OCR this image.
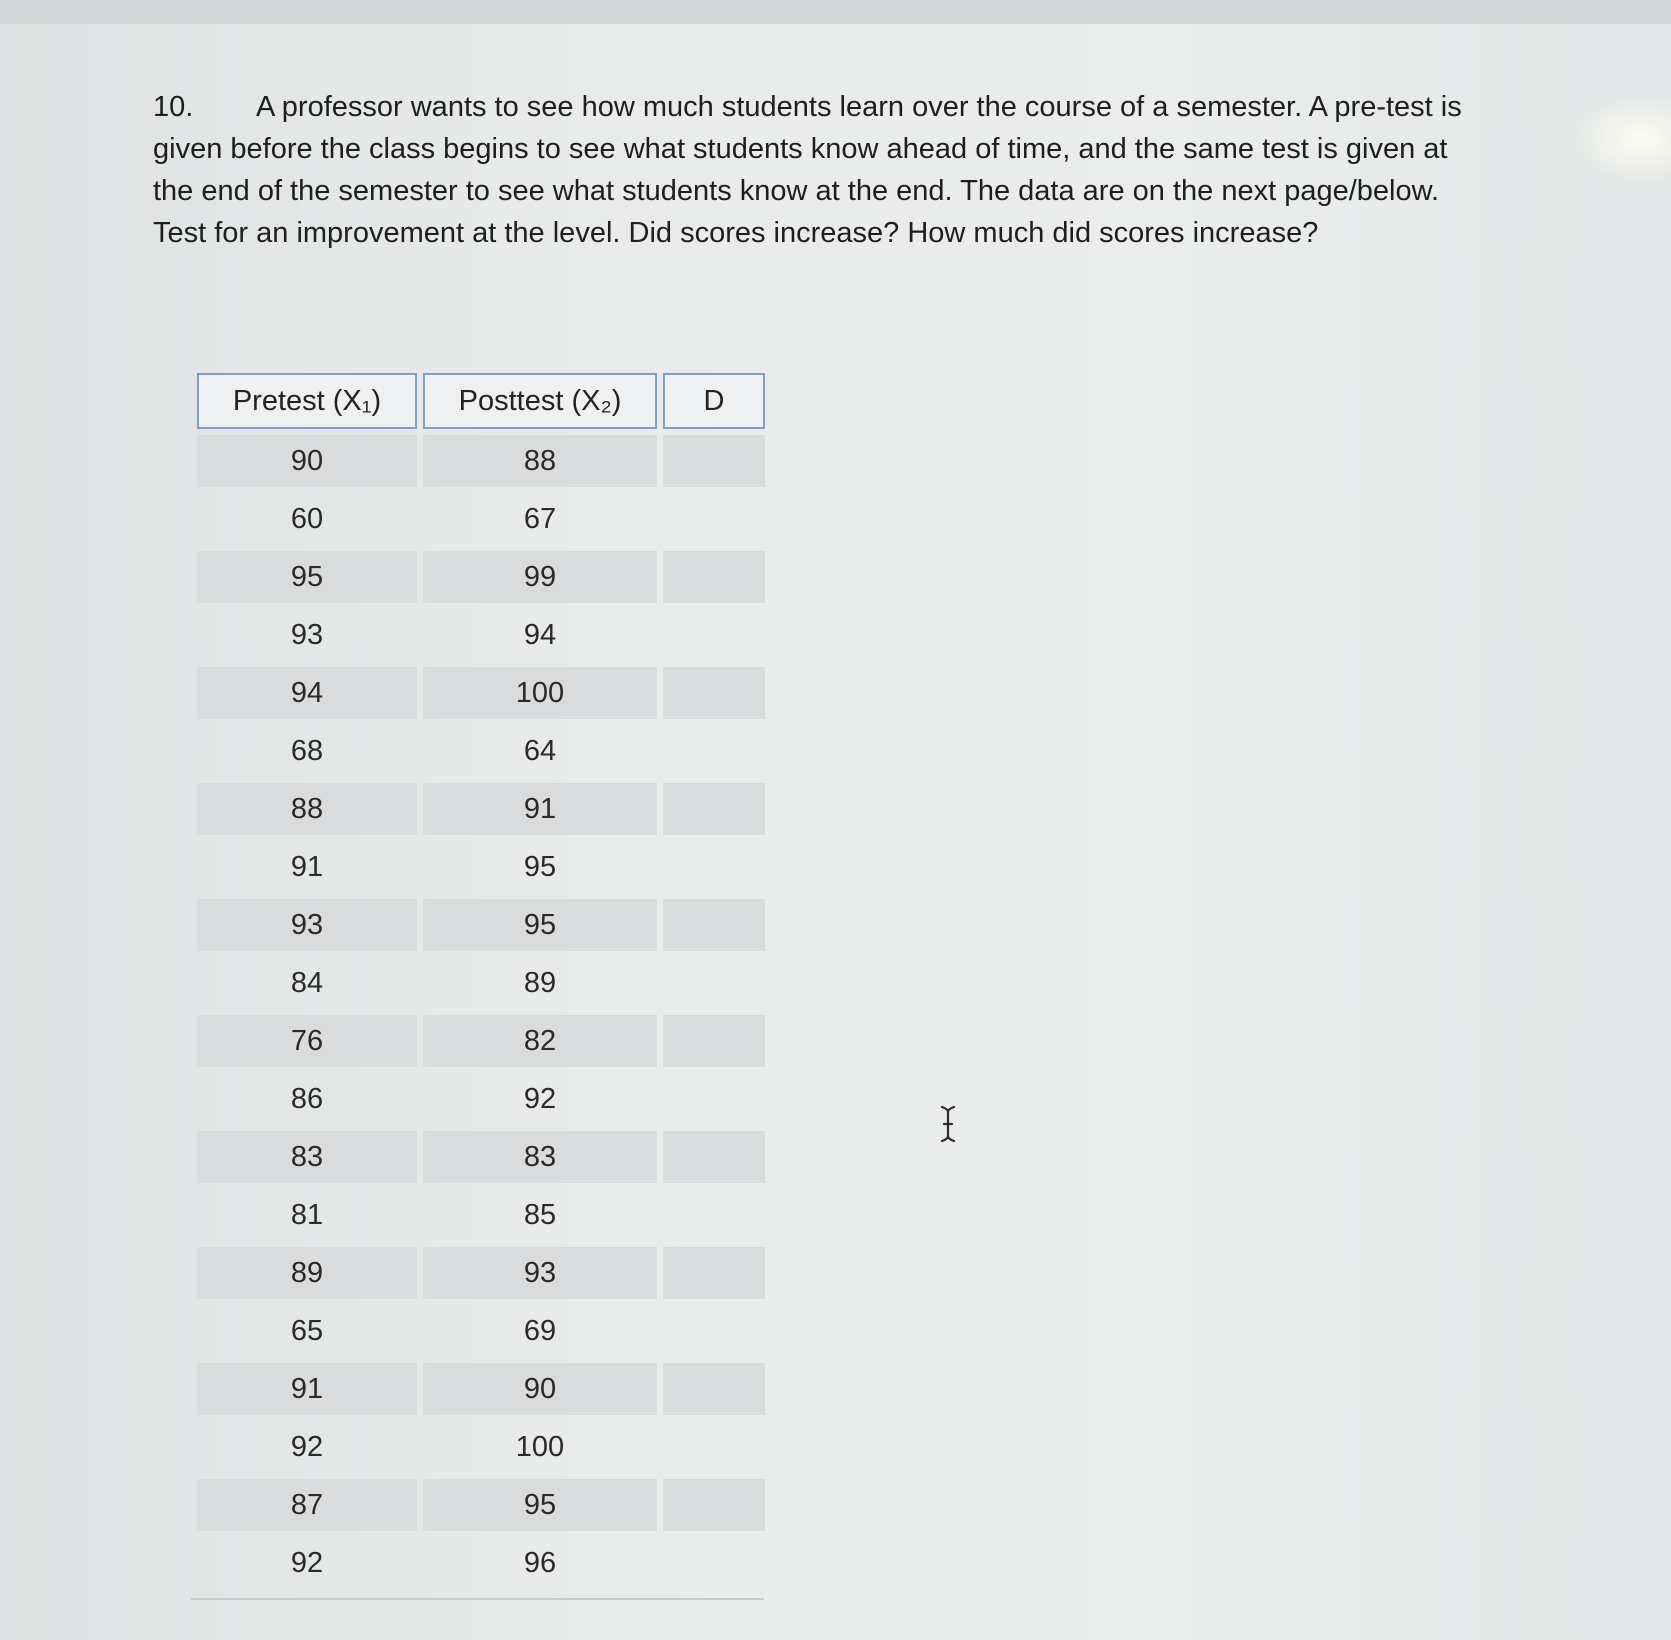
10. A professor wants to see how much students learn over the course of a semester. A pre-test is given before the class begins to see what students know ahead of time, and the same test is given at the end of the semester to see what students know at the end. The data are on the next page/below. Test for an improvement at the level. Did scores increase? How much did scores increase?
Pretest (X₁)	Posttest (X₂)	D
90	88	
60	67	
95	99	
93	94	
94	100	
68	64	
88	91	
91	95	
93	95	
84	89	
76	82	
86	92	
83	83	
81	85	
89	93	
65	69	
91	90	
92	100	
87	95	
92	96	
